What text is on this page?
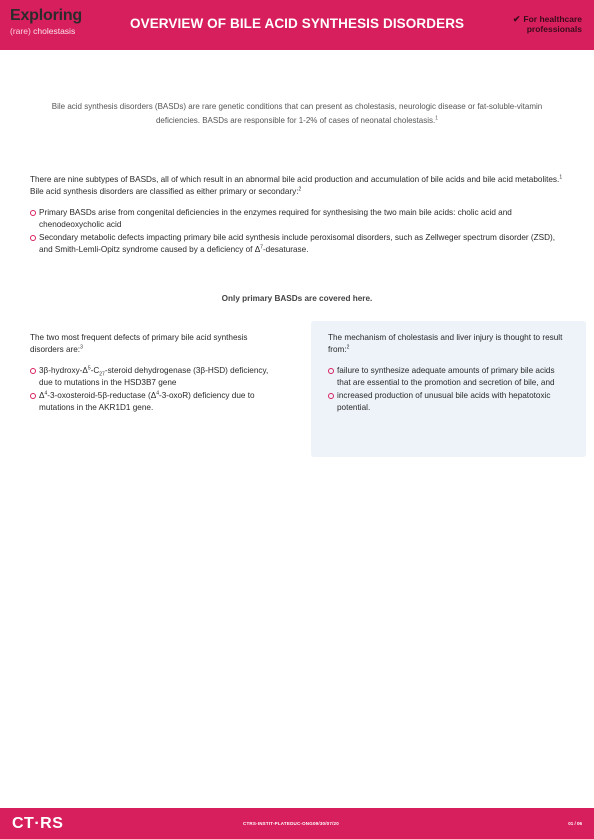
Exploring
(rare) cholestasis	OVERVIEW OF BILE ACID SYNTHESIS DISORDERS	✔ For healthcare
professionals
Bile acid synthesis disorders (BASDs) are rare genetic conditions that can present as cholestasis, neurologic disease or fat-soluble-vitamin deficiencies. BASDs are responsible for 1-2% of cases of neonatal cholestasis.$^1$

There are nine subtypes of BASDs, all of which result in an abnormal bile acid production and accumulation of bile acids and bile acid metabolites.$^1$

Bile acid synthesis disorders are classified as either primary or secondary:$^2$

Primary BASDs arise from congenital deficiencies in the enzymes required for synthesising the two main bile acids: cholic acid and chenodeoxycholic acid
Secondary metabolic defects impacting primary bile acid synthesis include peroxisomal disorders, such as Zellweger spectrum disorder (ZSD), and Smith-Lemli-Opitz syndrome caused by a deficiency of $\Delta^7$-desaturase.
Only primary BASDs are covered here.

The two most frequent defects of primary bile acid synthesis disorders are:$^3$

$3\beta-hydroxy-\Delta^5-C_{27}$-steroid dehydrogenase (3β-HSD) deficiency, due to mutations in the HSD3B7 gene
$\Delta^4-3-oxosteroid-5\beta$-reductase $(\Delta^4-3-oxoR)$ deficiency due to mutations in the AKR1D1 gene.

The mechanism of cholestasis and liver injury is thought to result from:$^2$

failure to synthesize adequate amounts of primary bile acids that are essential to the promotion and secretion of bile, and
increased production of unusual bile acids with hepatotoxic potential.
CT·RS	CTRS-INSTIT-PLATEDUC-ONG09/30/07/20	01 / 06
